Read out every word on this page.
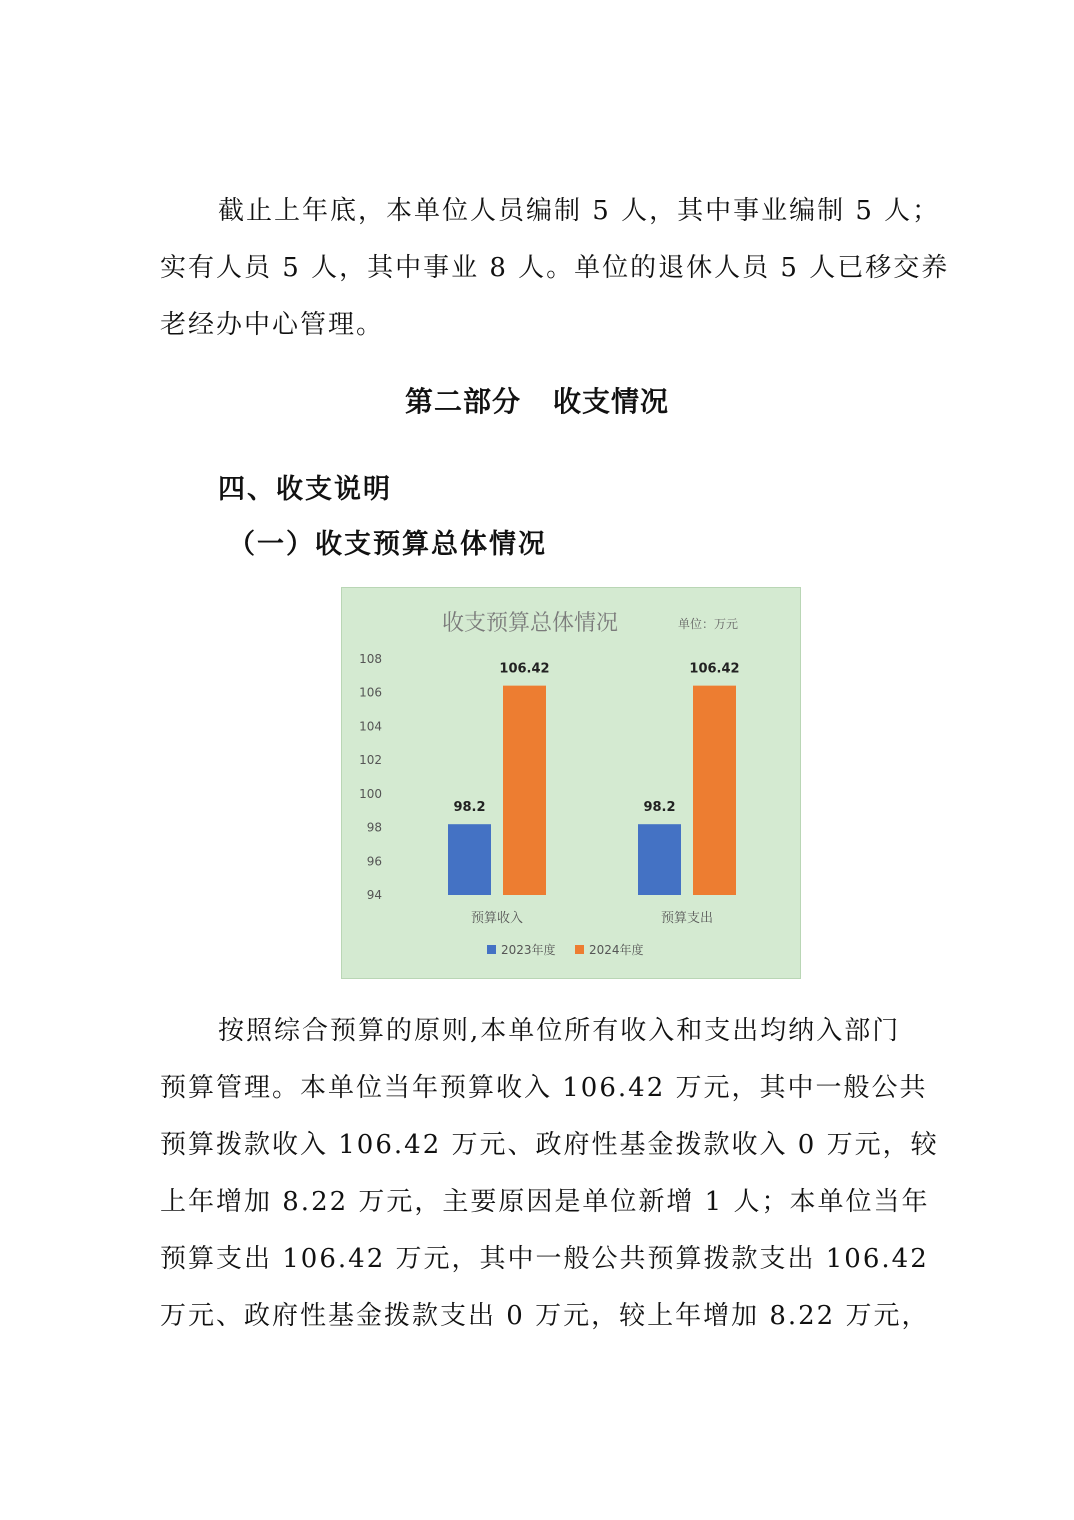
截止上年底，本单位人员编制 5 人，其中事业编制 5 人；
实有人员 5 人，其中事业 8 人。单位的退休人员 5 人已移交养
老经办中心管理。

第二部分 收支情况
四、收支说明
（一）收支预算总体情况
收支预算总体情况	单位：万元
94
96
98
100
102
104
106
108
98.2
106.42
98.2
106.42
预算收入	预算支出
2023年度	2024年度

按照综合预算的原则,本单位所有收入和支出均纳入部门
预算管理。本单位当年预算收入 106.42 万元，其中一般公共
预算拨款收入 106.42 万元、政府性基金拨款收入 0 万元，较
上年增加 8.22 万元，主要原因是单位新增 1 人；本单位当年
预算支出 106.42 万元，其中一般公共预算拨款支出 106.42
万元、政府性基金拨款支出 0 万元，较上年增加 8.22 万元，
